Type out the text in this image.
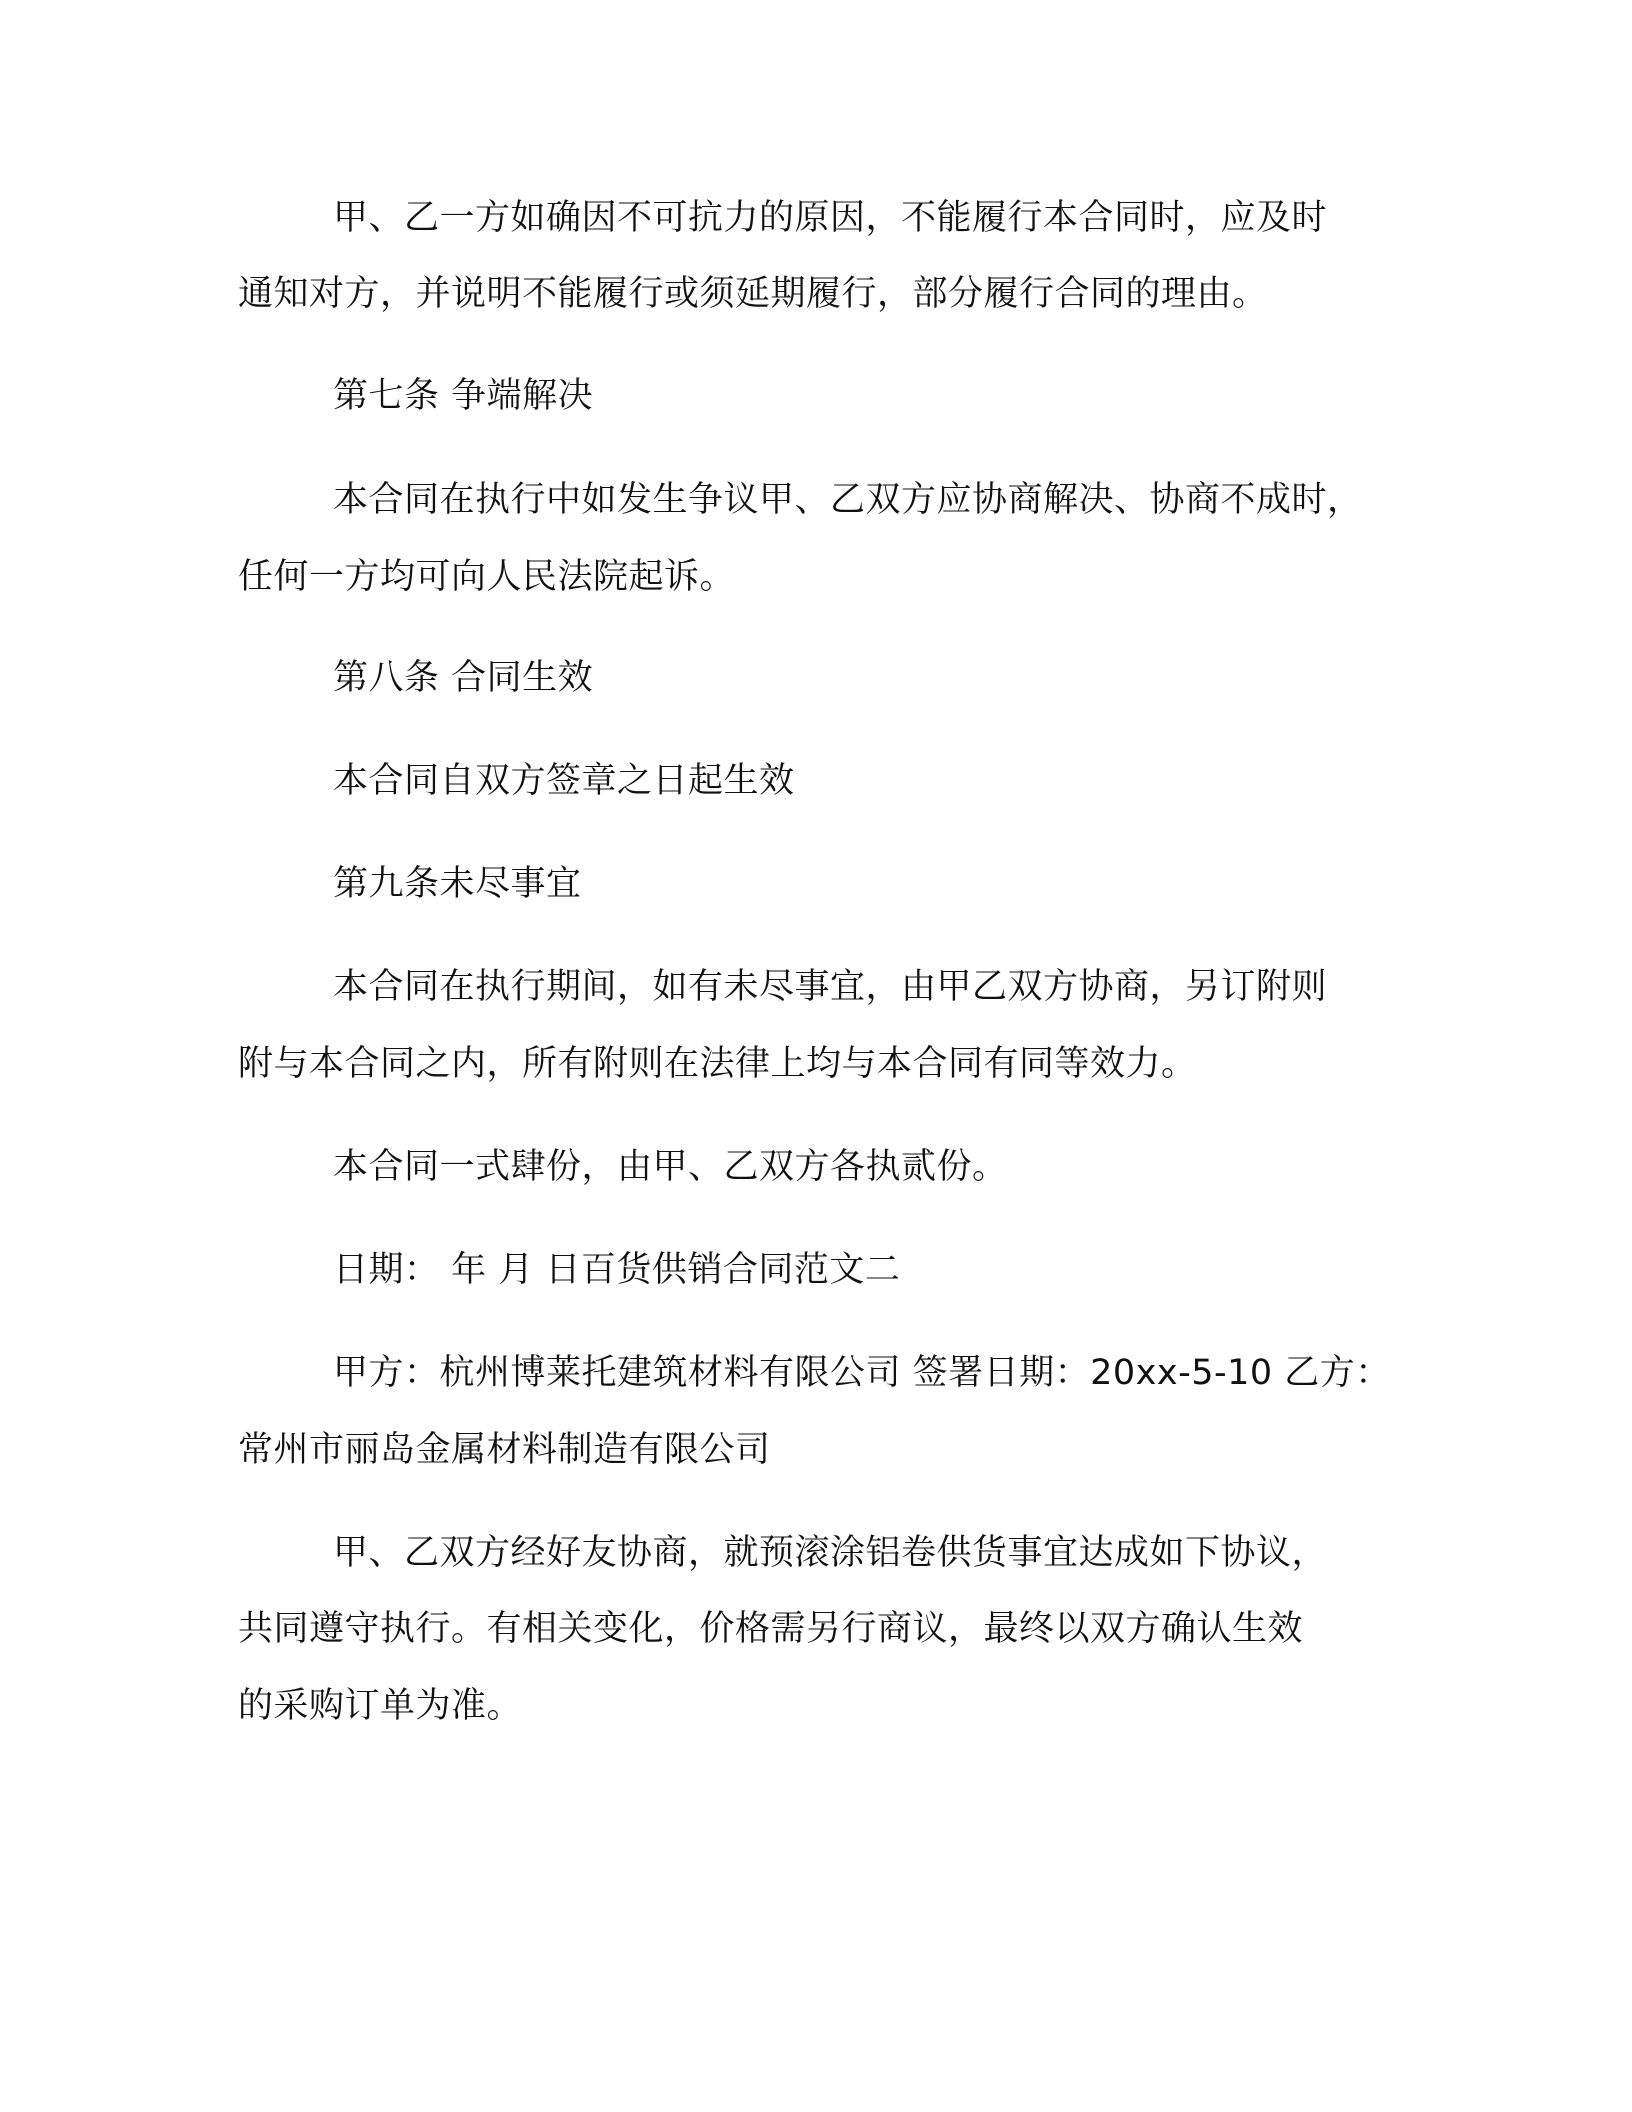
甲、乙一方如确因不可抗力的原因，不能履行本合同时，应及时
通知对方，并说明不能履行或须延期履行，部分履行合同的理由。
第七条 争端解决
本合同在执行中如发生争议甲、乙双方应协商解决、协商不成时，
任何一方均可向人民法院起诉。
第八条 合同生效
本合同自双方签章之日起生效
第九条未尽事宜
本合同在执行期间，如有未尽事宜，由甲乙双方协商，另订附则
附与本合同之内，所有附则在法律上均与本合同有同等效力。
本合同一式肆份，由甲、乙双方各执贰份。
日期： 年 月 日百货供销合同范文二
甲方：杭州博莱托建筑材料有限公司 签署日期：20xx-5-10 乙方：
常州市丽岛金属材料制造有限公司
甲、乙双方经好友协商，就预滚涂铝卷供货事宜达成如下协议，
共同遵守执行。有相关变化，价格需另行商议，最终以双方确认生效
的采购订单为准。
